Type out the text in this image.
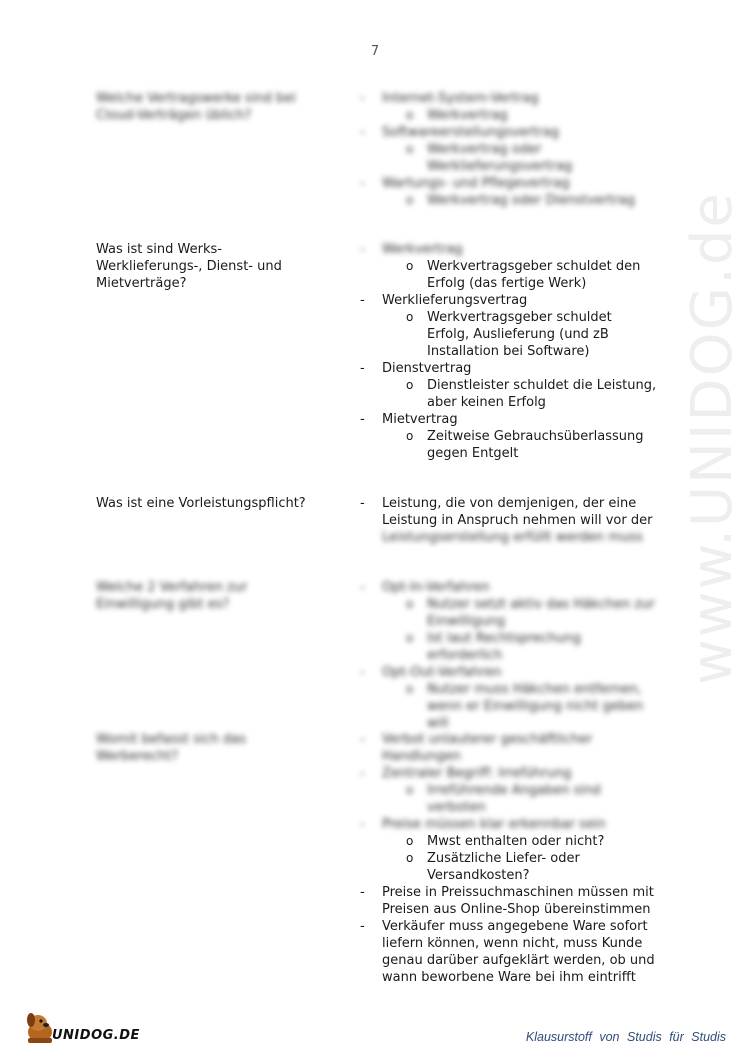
7
www.UNIDOG.de
Welche Vertragswerke sind bei Cloud-Verträgen üblich?
-	Internet-System-Vertrag
o Werkvertrag
-	Softwareerstellungsvertrag
o Werkvertrag oder Werklieferungsvertrag
-	Wartungs- und Pflegevertrag
o Werkvertrag oder Dienstvertrag
Was ist sind Werks- Werklieferungs-, Dienst- und Mietverträge?
-	Werkvertrag
o Werkvertragsgeber schuldet den Erfolg (das fertige Werk)
-	Werklieferungsvertrag
o Werkvertragsgeber schuldet Erfolg, Auslieferung (und zB Installation bei Software)
-	Dienstvertrag
o Dienstleister schuldet die Leistung, aber keinen Erfolg
-	Mietvertrag
o Zeitweise Gebrauchsüberlassung gegen Entgelt
Was ist eine Vorleistungspflicht?	-	Leistung, die von demjenigen, der eine Leistung in Anspruch nehmen will vor der
Leistungserstellung erfüllt werden muss
Welche 2 Verfahren zur Einwilligung gibt es?
-	Opt-In-Verfahren
o Nutzer setzt aktiv das Häkchen zur Einwilligung
o Ist laut Rechtsprechung erforderlich
-	Opt-Out-Verfahren
o Nutzer muss Häkchen entfernen, wenn er Einwilligung nicht geben will
Womit befasst sich das Werberecht?
-	Verbot unlauterer geschäftlicher Handlungen
-	Zentraler Begriff: Irreführung
o Irreführende Angaben sind verboten
-	Preise müssen klar erkennbar sein
o Mwst enthalten oder nicht?
o Zusätzliche Liefer- oder Versandkosten?
-	Preise in Preissuchmaschinen müssen mit Preisen aus Online-Shop übereinstimmen
-	Verkäufer muss angegebene Ware sofort liefern können, wenn nicht, muss Kunde genau darüber aufgeklärt werden, ob und wann beworbene Ware bei ihm eintrifft
UNIDOG.DE	Klausurstoff von Studis für Studis
